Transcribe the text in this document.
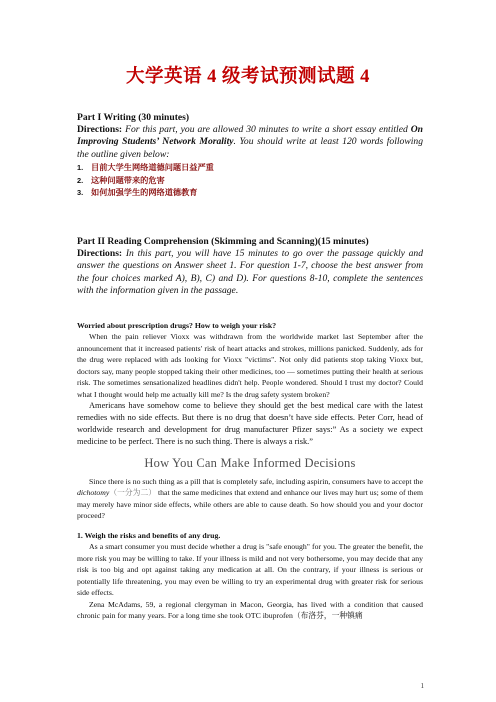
大学英语 4 级考试预测试题 4
Part I Writing (30 minutes)
Directions: For this part, you are allowed 30 minutes to write a short essay entitled On Improving Students’ Network Morality. You should write at least 120 words following the outline given below:
1. 目前大学生网络道德问题日益严重
2. 这种问题带来的危害
3. 如何加强学生的网络道德教育
Part II Reading Comprehension (Skimming and Scanning)(15 minutes)
Directions: In this part, you will have 15 minutes to go over the passage quickly and answer the questions on Answer sheet 1. For question 1-7, choose the best answer from the four choices marked A), B), C) and D). For questions 8-10, complete the sentences with the information given in the passage.
Worried about prescription drugs? How to weigh your risk?
When the pain reliever Vioxx was withdrawn from the worldwide market last September after the announcement that it increased patients' risk of heart attacks and strokes, millions panicked. Suddenly, ads for the drug were replaced with ads looking for Vioxx "victims". Not only did patients stop taking Vioxx but, doctors say, many people stopped taking their other medicines, too — sometimes putting their health at serious risk. The sometimes sensationalized headlines didn't help. People wondered. Should I trust my doctor? Could what I thought would help me actually kill me? Is the drug safety system broken?
Americans have somehow come to believe they should get the best medical care with the latest remedies with no side effects. But there is no drug that doesn’t have side effects. Peter Corr, head of worldwide research and development for drug manufacturer Pfizer says:” As a society we expect medicine to be perfect. There is no such thing. There is always a risk.”
How You Can Make Informed Decisions
Since there is no such thing as a pill that is completely safe, including aspirin, consumers have to accept the dichotomy（一分为二） that the same medicines that extend and enhance our lives may hurt us; some of them may merely have minor side effects, while others are able to cause death. So how should you and your doctor proceed?
1. Weigh the risks and benefits of any drug.
As a smart consumer you must decide whether a drug is "safe enough" for you. The greater the benefit, the more risk you may be willing to take. If your illness is mild and not very bothersome, you may decide that any risk is too big and opt against taking any medication at all. On the contrary, if your illness is serious or potentially life threatening, you may even be willing to try an experimental drug with greater risk for serious side effects.
Zena McAdams, 59, a regional clergyman in Macon, Georgia, has lived with a condition that caused chronic pain for many years. For a long time she took OTC ibuprofen（布洛芬，一种镇痛
1
